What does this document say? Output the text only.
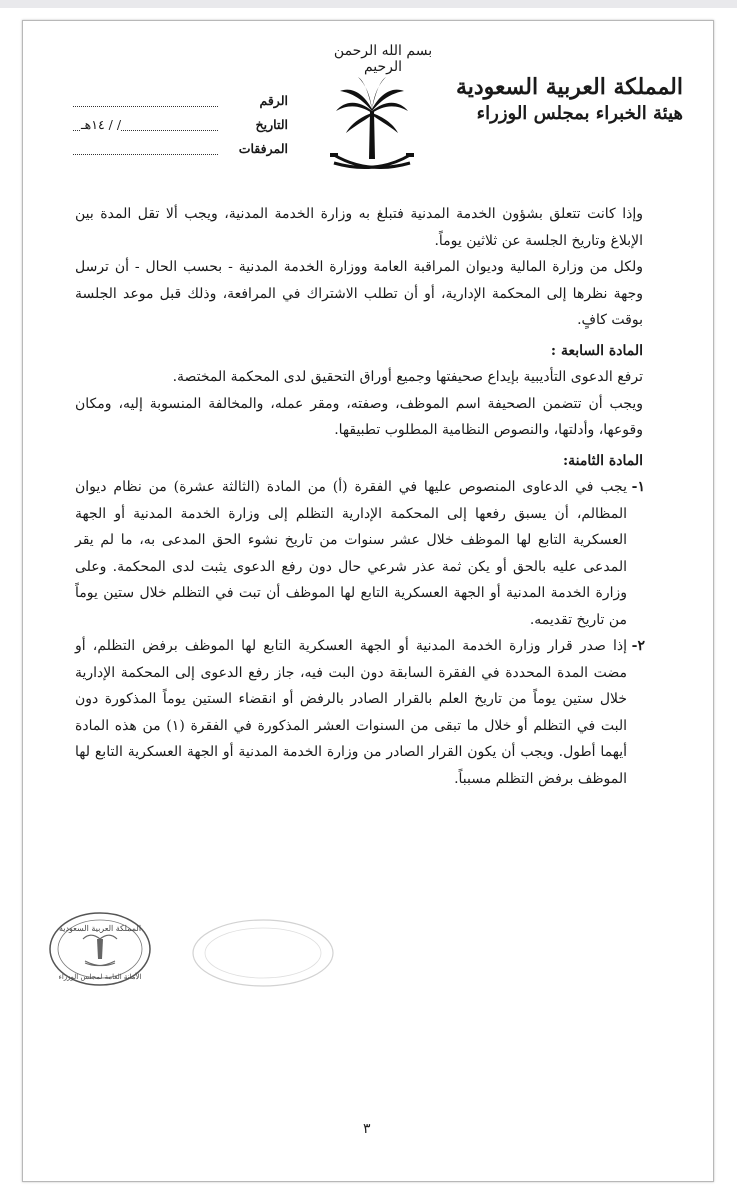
بسم الله الرحمن الرحيم
المملكة العربية السعودية
هيئة الخبراء بمجلس الوزراء
الرقم
التاريخ
/ / ١٤هـ
المرفقات

وإذا كانت تتعلق بشؤون الخدمة المدنية فتبلغ به وزارة الخدمة المدنية، ويجب ألا تقل المدة بين الإبلاغ وتاريخ الجلسة عن ثلاثين يوماً.

ولكل من وزارة المالية وديوان المراقبة العامة ووزارة الخدمة المدنية - بحسب الحال - أن ترسل وجهة نظرها إلى المحكمة الإدارية، أو أن تطلب الاشتراك في المرافعة، وذلك قبل موعد الجلسة بوقت كافٍ.

المادة السابعة :

ترفع الدعوى التأديبية بإيداع صحيفتها وجميع أوراق التحقيق لدى المحكمة المختصة.

ويجب أن تتضمن الصحيفة اسم الموظف، وصفته، ومقر عمله، والمخالفة المنسوبة إليه، ومكان وقوعها، وأدلتها، والنصوص النظامية المطلوب تطبيقها.

المادة الثامنة:

١-
يجب في الدعاوى المنصوص عليها في الفقرة (أ) من المادة (الثالثة عشرة) من نظام ديوان المظالم، أن يسبق رفعها إلى المحكمة الإدارية التظلم إلى وزارة الخدمة المدنية أو الجهة العسكرية التابع لها الموظف خلال عشر سنوات من تاريخ نشوء الحق المدعى به، ما لم يقر المدعى عليه بالحق أو يكن ثمة عذر شرعي حال دون رفع الدعوى يثبت لدى المحكمة. وعلى وزارة الخدمة المدنية أو الجهة العسكرية التابع لها الموظف أن تبت في التظلم خلال ستين يوماً من تاريخ تقديمه.
٢-
إذا صدر قرار وزارة الخدمة المدنية أو الجهة العسكرية التابع لها الموظف برفض التظلم، أو مضت المدة المحددة في الفقرة السابقة دون البت فيه، جاز رفع الدعوى إلى المحكمة الإدارية خلال ستين يوماً من تاريخ العلم بالقرار الصادر بالرفض أو انقضاء الستين يوماً المذكورة دون البت في التظلم أو خلال ما تبقى من السنوات العشر المذكورة في الفقرة (١) من هذه المادة أيهما أطول. ويجب أن يكون القرار الصادر من وزارة الخدمة المدنية أو الجهة العسكرية التابع لها الموظف برفض التظلم مسبباً.
المملكة العربية السعودية
الأمانة العامة لمجلس الوزراء
٣
